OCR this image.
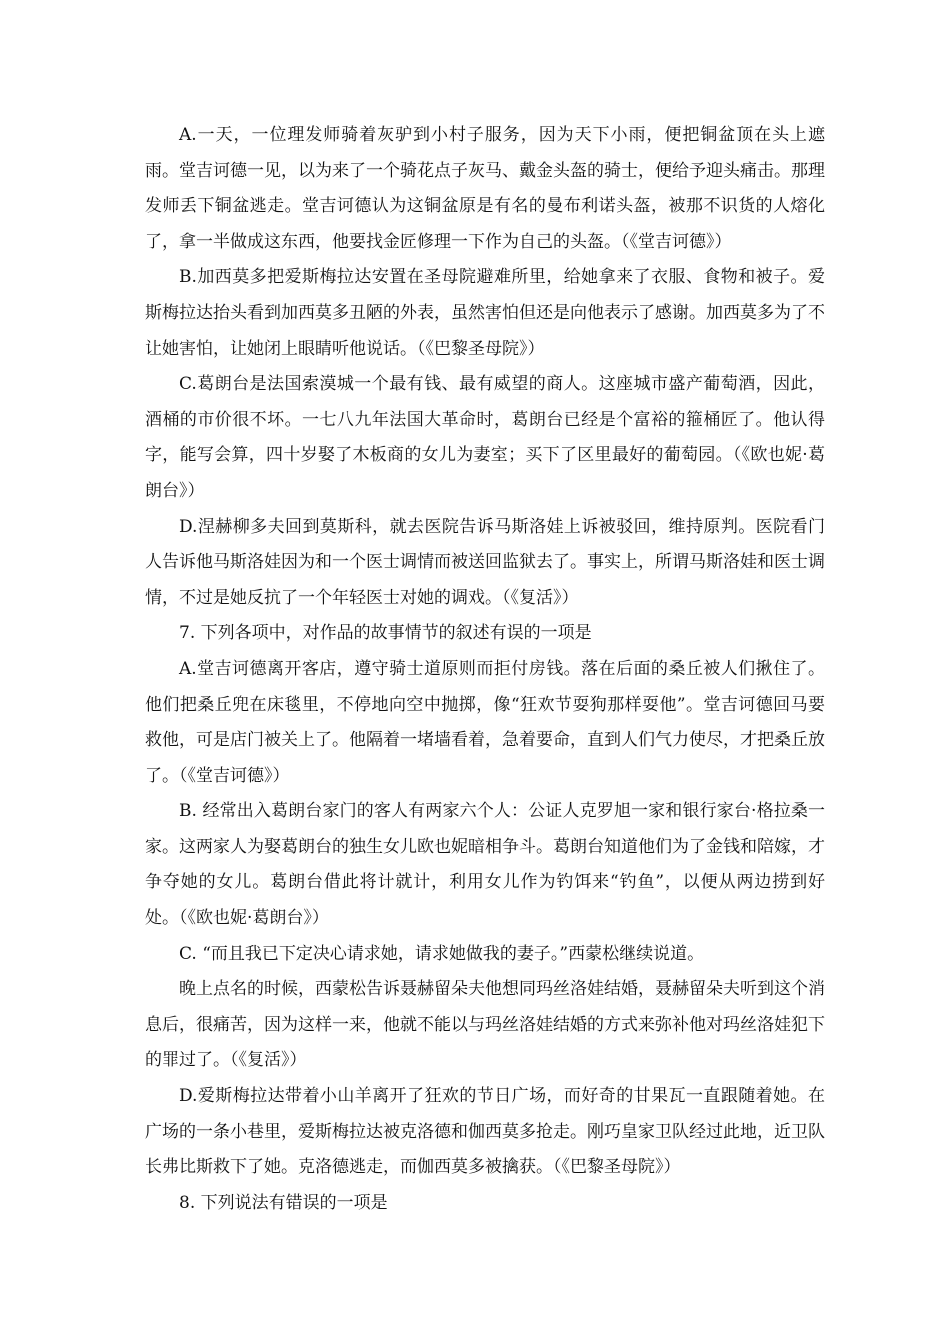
A.一天，一位理发师骑着灰驴到小村子服务，因为天下小雨，便把铜盆顶在头上遮雨。堂吉诃德一见，以为来了一个骑花点子灰马、戴金头盔的骑士，便给予迎头痛击。那理发师丢下铜盆逃走。堂吉诃德认为这铜盆原是有名的曼布利诺头盔，被那不识货的人熔化了，拿一半做成这东西，他要找金匠修理一下作为自己的头盔。（《堂吉诃德》）

B.加西莫多把爱斯梅拉达安置在圣母院避难所里，给她拿来了衣服、食物和被子。爱斯梅拉达抬头看到加西莫多丑陋的外表，虽然害怕但还是向他表示了感谢。加西莫多为了不让她害怕，让她闭上眼睛听他说话。（《巴黎圣母院》）

C.葛朗台是法国索漠城一个最有钱、最有威望的商人。这座城市盛产葡萄酒，因此，酒桶的市价很不坏。一七八九年法国大革命时，葛朗台已经是个富裕的箍桶匠了。他认得字，能写会算，四十岁娶了木板商的女儿为妻室；买下了区里最好的葡萄园。（《欧也妮·葛朗台》）

D.涅赫柳多夫回到莫斯科，就去医院告诉马斯洛娃上诉被驳回，维持原判。医院看门人告诉他马斯洛娃因为和一个医士调情而被送回监狱去了。事实上，所谓马斯洛娃和医士调情，不过是她反抗了一个年轻医士对她的调戏。（《复活》）

7. 下列各项中，对作品的故事情节的叙述有误的一项是

A.堂吉诃德离开客店，遵守骑士道原则而拒付房钱。落在后面的桑丘被人们揪住了。他们把桑丘兜在床毯里，不停地向空中抛掷，像“狂欢节耍狗那样耍他”。堂吉诃德回马要救他，可是店门被关上了。他隔着一堵墙看着，急着要命，直到人们气力使尽，才把桑丘放了。（《堂吉诃德》）

B. 经常出入葛朗台家门的客人有两家六个人：公证人克罗旭一家和银行家台·格拉桑一家。这两家人为娶葛朗台的独生女儿欧也妮暗相争斗。葛朗台知道他们为了金钱和陪嫁，才争夺她的女儿。葛朗台借此将计就计，利用女儿作为钓饵来“钓鱼”，以便从两边捞到好处。（《欧也妮·葛朗台》）

C. “而且我已下定决心请求她，请求她做我的妻子。”西蒙松继续说道。

晚上点名的时候，西蒙松告诉聂赫留朵夫他想同玛丝洛娃结婚，聂赫留朵夫听到这个消息后，很痛苦，因为这样一来，他就不能以与玛丝洛娃结婚的方式来弥补他对玛丝洛娃犯下的罪过了。（《复活》）

D.爱斯梅拉达带着小山羊离开了狂欢的节日广场，而好奇的甘果瓦一直跟随着她。在广场的一条小巷里，爱斯梅拉达被克洛德和伽西莫多抢走。刚巧皇家卫队经过此地，近卫队长弗比斯救下了她。克洛德逃走，而伽西莫多被擒获。（《巴黎圣母院》）

8. 下列说法有错误的一项是
